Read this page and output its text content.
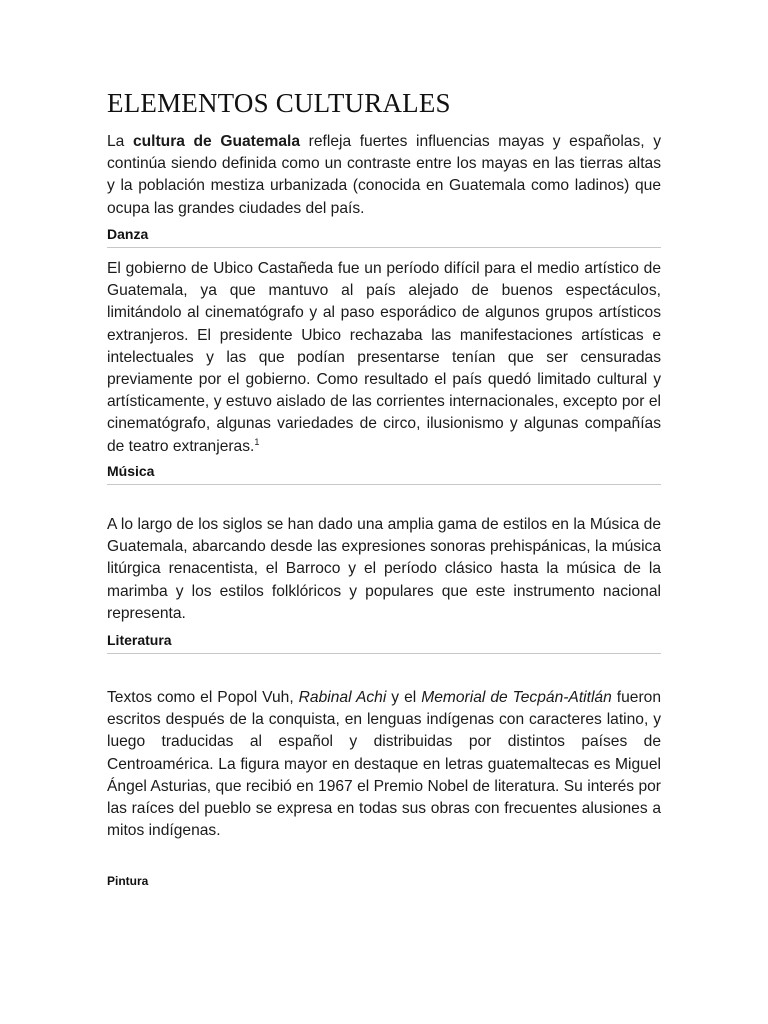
ELEMENTOS CULTURALES

La cultura de Guatemala refleja fuertes influencias mayas y españolas, y continúa siendo definida como un contraste entre los mayas en las tierras altas y la población mestiza urbanizada (conocida en Guatemala como ladinos) que ocupa las grandes ciudades del país.

Danza

El gobierno de Ubico Castañeda fue un período difícil para el medio artístico de Guatemala, ya que mantuvo al país alejado de buenos espectáculos, limitándolo al cinematógrafo y al paso esporádico de algunos grupos artísticos extranjeros. El presidente Ubico rechazaba las manifestaciones artísticas e intelectuales y las que podían presentarse tenían que ser censuradas previamente por el gobierno. Como resultado el país quedó limitado cultural y artísticamente, y estuvo aislado de las corrientes internacionales, excepto por el cinematógrafo, algunas variedades de circo, ilusionismo y algunas compañías de teatro extranjeras.$^1$

Música

A lo largo de los siglos se han dado una amplia gama de estilos en la Música de Guatemala, abarcando desde las expresiones sonoras prehispánicas, la música litúrgica renacentista, el Barroco y el período clásico hasta la música de la marimba y los estilos folklóricos y populares que este instrumento nacional representa.

Literatura

Textos como el Popol Vuh, Rabinal Achi y el Memorial de Tecpán-Atitlán fueron escritos después de la conquista, en lenguas indígenas con caracteres latino, y luego traducidas al español y distribuidas por distintos países de Centroamérica. La figura mayor en destaque en letras guatemaltecas es Miguel Ángel Asturias, que recibió en 1967 el Premio Nobel de literatura. Su interés por las raíces del pueblo se expresa en todas sus obras con frecuentes alusiones a mitos indígenas.

Pintura
